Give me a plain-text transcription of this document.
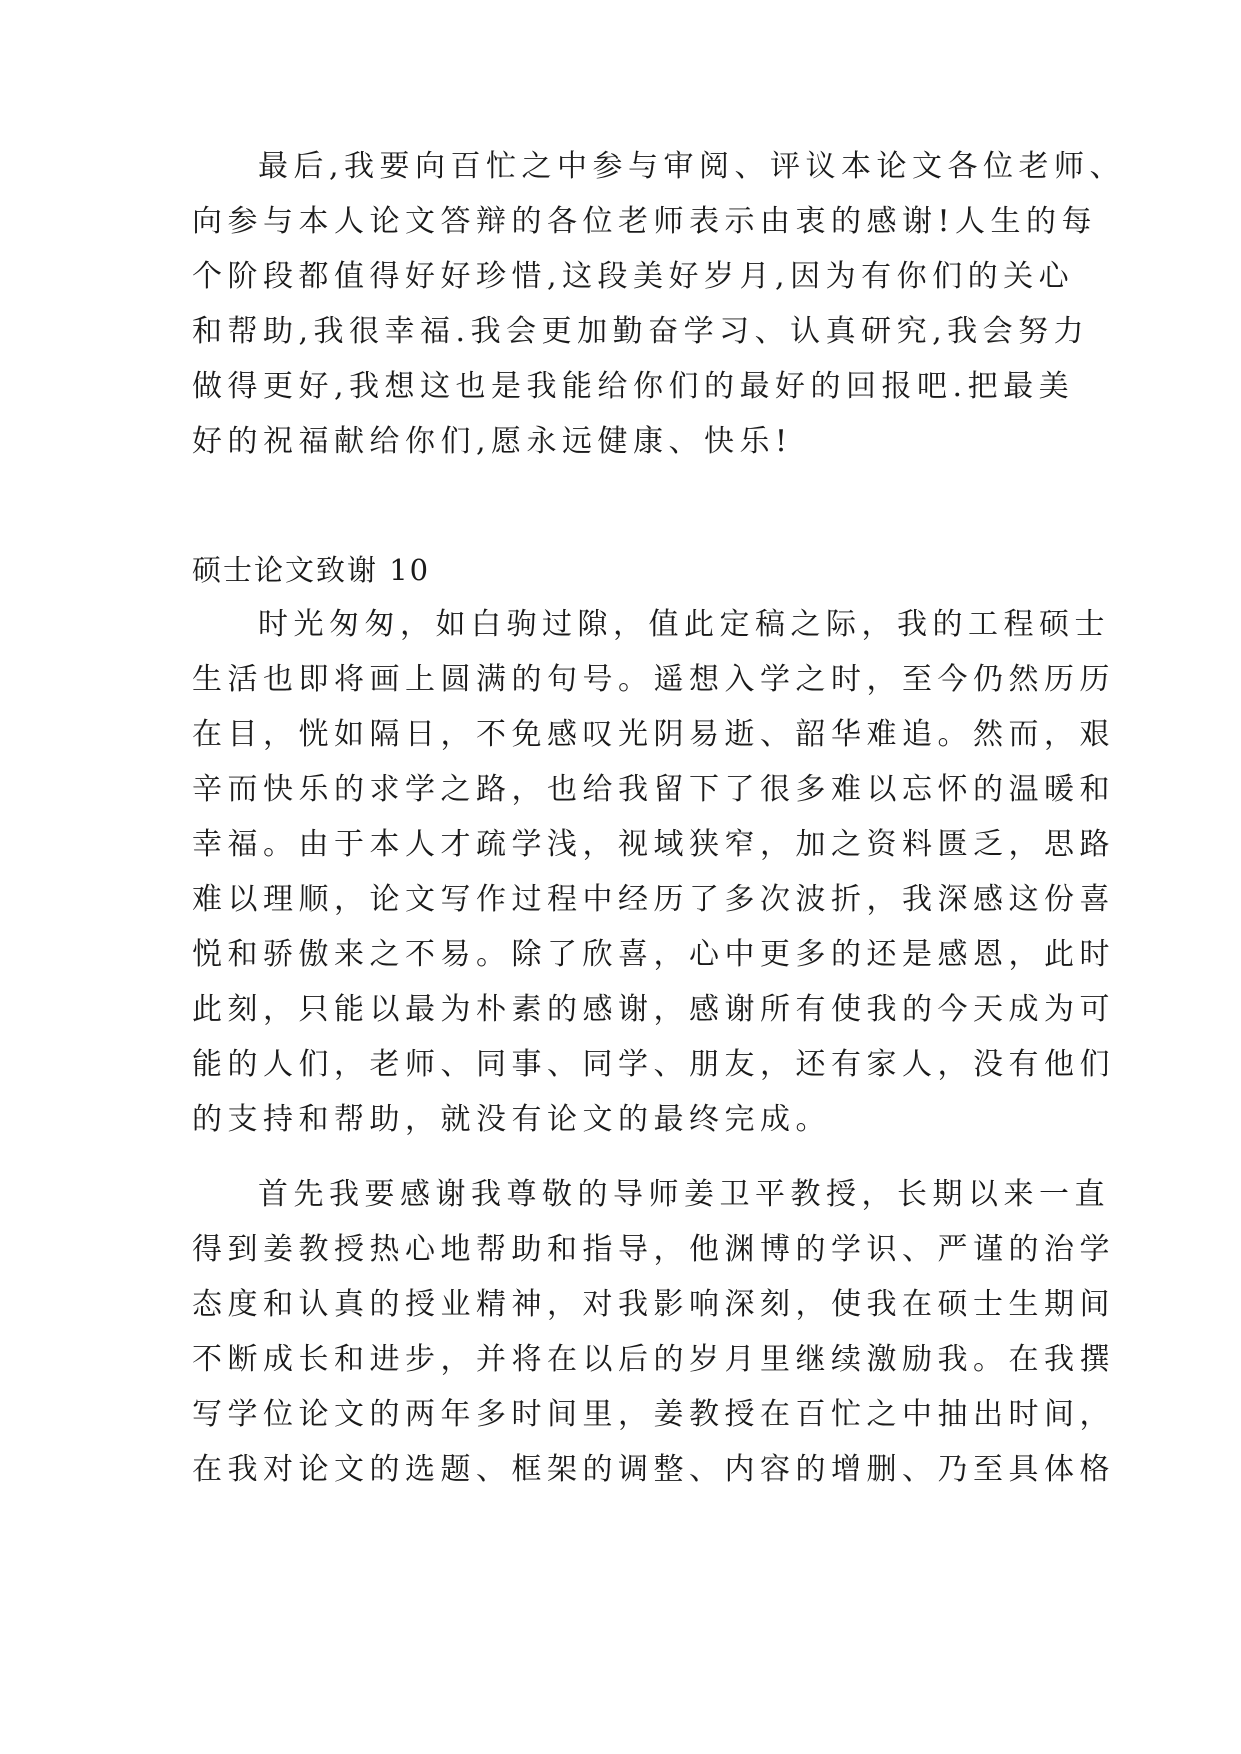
最后,我要向百忙之中参与审阅、评议本论文各位老师、

向参与本人论文答辩的各位老师表示由衷的感谢!人生的每

个阶段都值得好好珍惜,这段美好岁月,因为有你们的关心

和帮助,我很幸福.我会更加勤奋学习、认真研究,我会努力

做得更好,我想这也是我能给你们的最好的回报吧.把最美

好的祝福献给你们,愿永远健康、快乐!

硕士论文致谢 10

时光匆匆，如白驹过隙，值此定稿之际，我的工程硕士

生活也即将画上圆满的句号。遥想入学之时，至今仍然历历

在目，恍如隔日，不免感叹光阴易逝、韶华难追。然而，艰

辛而快乐的求学之路，也给我留下了很多难以忘怀的温暖和

幸福。由于本人才疏学浅，视域狭窄，加之资料匮乏，思路

难以理顺，论文写作过程中经历了多次波折，我深感这份喜

悦和骄傲来之不易。除了欣喜，心中更多的还是感恩，此时

此刻，只能以最为朴素的感谢，感谢所有使我的今天成为可

能的人们，老师、同事、同学、朋友，还有家人，没有他们

的支持和帮助，就没有论文的最终完成。

首先我要感谢我尊敬的导师姜卫平教授，长期以来一直

得到姜教授热心地帮助和指导，他渊博的学识、严谨的治学

态度和认真的授业精神，对我影响深刻，使我在硕士生期间

不断成长和进步，并将在以后的岁月里继续激励我。在我撰

写学位论文的两年多时间里，姜教授在百忙之中抽出时间，

在我对论文的选题、框架的调整、内容的增删、乃至具体格
